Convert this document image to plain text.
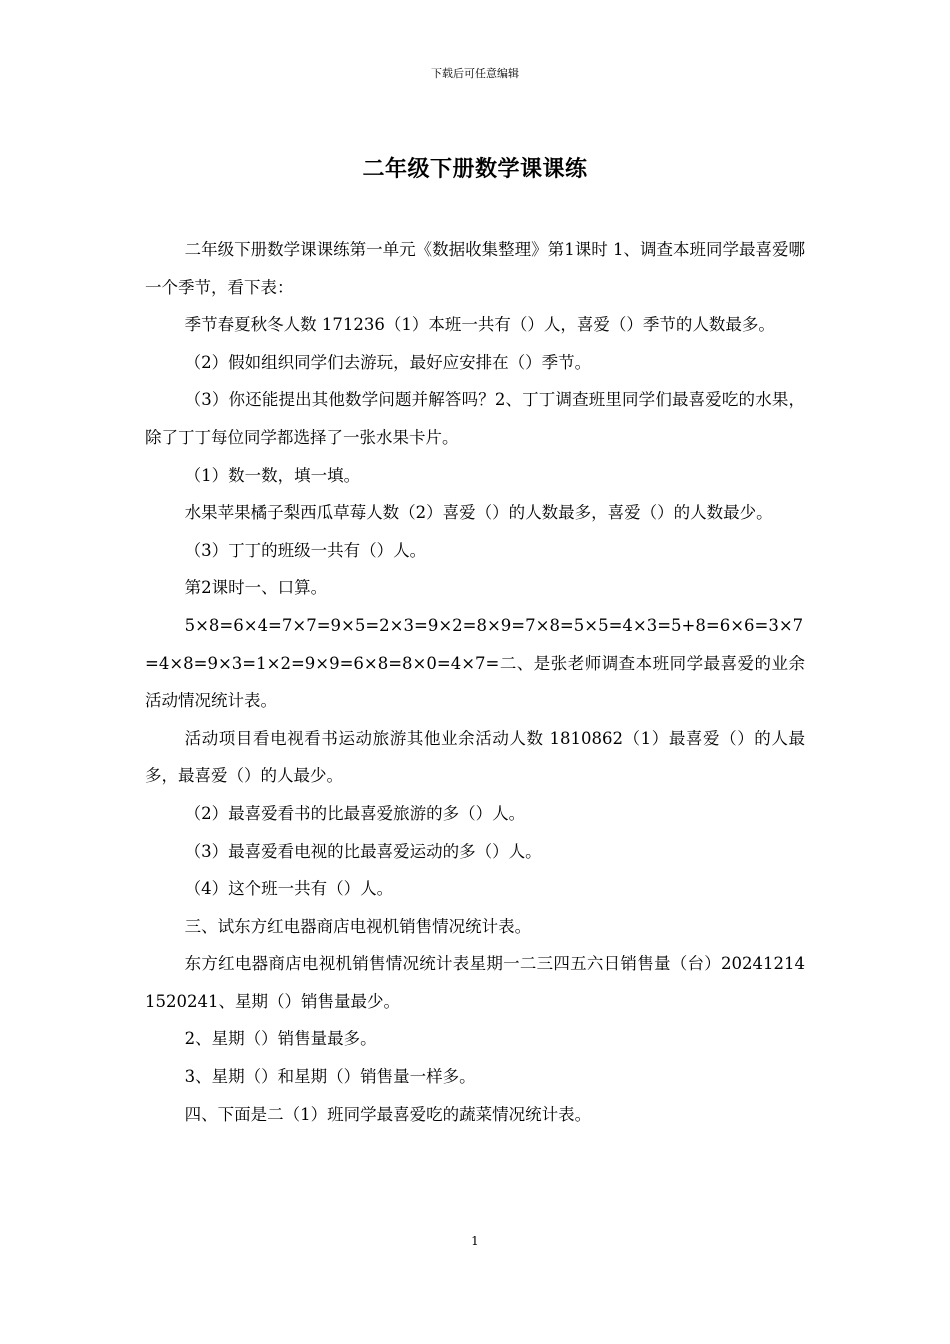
下载后可任意编辑
二年级下册数学课课练

二年级下册数学课课练第一单元《数据收集整理》第1课时 1、调查本班同学最喜爱哪一个季节，看下表：

季节春夏秋冬人数 171236（1）本班一共有（）人，喜爱（）季节的人数最多。

（2）假如组织同学们去游玩，最好应安排在（）季节。

（3）你还能提出其他数学问题并解答吗？2、丁丁调查班里同学们最喜爱吃的水果，除了丁丁每位同学都选择了一张水果卡片。

（1）数一数，填一填。

水果苹果橘子梨西瓜草莓人数（2）喜爱（）的人数最多，喜爱（）的人数最少。

（3）丁丁的班级一共有（）人。

第2课时一、口算。

5×8=6×4=7×7=9×5=2×3=9×2=8×9=7×8=5×5=4×3=5+8=6×6=3×7=4×8=9×3=1×2=9×9=6×8=8×0=4×7=二、是张老师调查本班同学最喜爱的业余活动情况统计表。

活动项目看电视看书运动旅游其他业余活动人数 1810862（1）最喜爱（）的人最多，最喜爱（）的人最少。

（2）最喜爱看书的比最喜爱旅游的多（）人。

（3）最喜爱看电视的比最喜爱运动的多（）人。

（4）这个班一共有（）人。

三、试东方红电器商店电视机销售情况统计表。

东方红电器商店电视机销售情况统计表星期一二三四五六日销售量（台）202412141520241、星期（）销售量最少。

2、星期（）销售量最多。

3、星期（）和星期（）销售量一样多。

四、下面是二（1）班同学最喜爱吃的蔬菜情况统计表。

1
